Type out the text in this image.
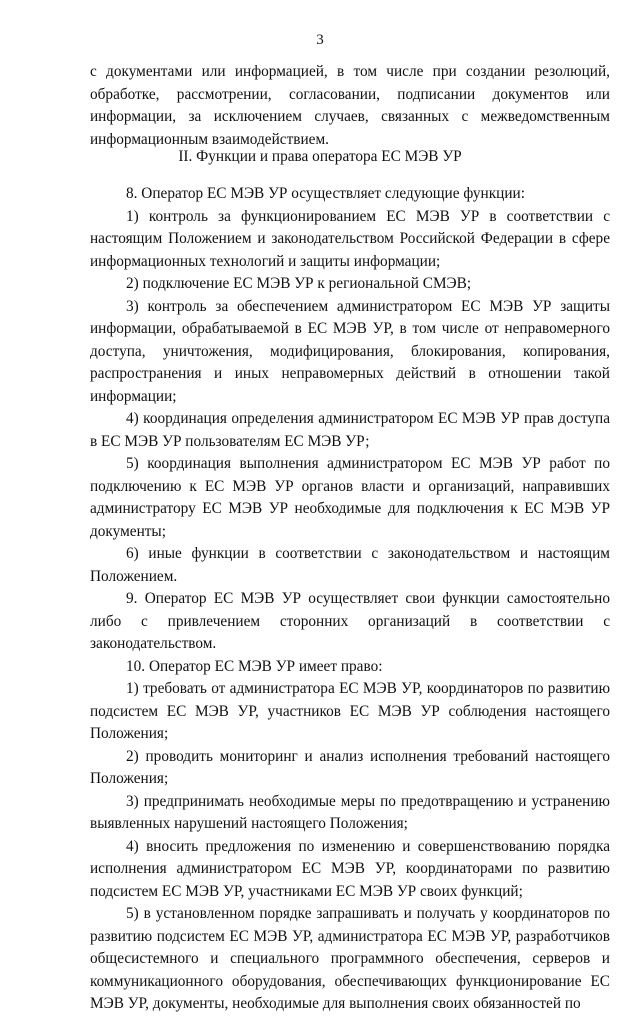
3

с документами или информацией, в том числе при создании резолюций, обработке, рассмотрении, согласовании, подписании документов или информации, за исключением случаев, связанных с межведомственным информационным взаимодействием.

II. Функции и права оператора ЕС МЭВ УР

8. Оператор ЕС МЭВ УР осуществляет следующие функции:

1) контроль за функционированием ЕС МЭВ УР в соответствии с настоящим Положением и законодательством Российской Федерации в сфере информационных технологий и защиты информации;

2) подключение ЕС МЭВ УР к региональной СМЭВ;

3) контроль за обеспечением администратором ЕС МЭВ УР защиты информации, обрабатываемой в ЕС МЭВ УР, в том числе от неправомерного доступа, уничтожения, модифицирования, блокирования, копирования, распространения и иных неправомерных действий в отношении такой информации;

4) координация определения администратором ЕС МЭВ УР прав доступа в ЕС МЭВ УР пользователям ЕС МЭВ УР;

5) координация выполнения администратором ЕС МЭВ УР работ по подключению к ЕС МЭВ УР органов власти и организаций, направивших администратору ЕС МЭВ УР необходимые для подключения к ЕС МЭВ УР документы;

6) иные функции в соответствии с законодательством и настоящим Положением.

9. Оператор ЕС МЭВ УР осуществляет свои функции самостоятельно либо с привлечением сторонних организаций в соответствии с законодательством.

10. Оператор ЕС МЭВ УР имеет право:

1) требовать от администратора ЕС МЭВ УР, координаторов по развитию подсистем ЕС МЭВ УР, участников ЕС МЭВ УР соблюдения настоящего Положения;

2) проводить мониторинг и анализ исполнения требований настоящего Положения;

3) предпринимать необходимые меры по предотвращению и устранению выявленных нарушений настоящего Положения;

4) вносить предложения по изменению и совершенствованию порядка исполнения администратором ЕС МЭВ УР, координаторами по развитию подсистем ЕС МЭВ УР, участниками ЕС МЭВ УР своих функций;

5) в установленном порядке запрашивать и получать у координаторов по развитию подсистем ЕС МЭВ УР, администратора ЕС МЭВ УР, разработчиков общесистемного и специального программного обеспечения, серверов и коммуникационного оборудования, обеспечивающих функционирование ЕС МЭВ УР, документы, необходимые для выполнения своих обязанностей по
